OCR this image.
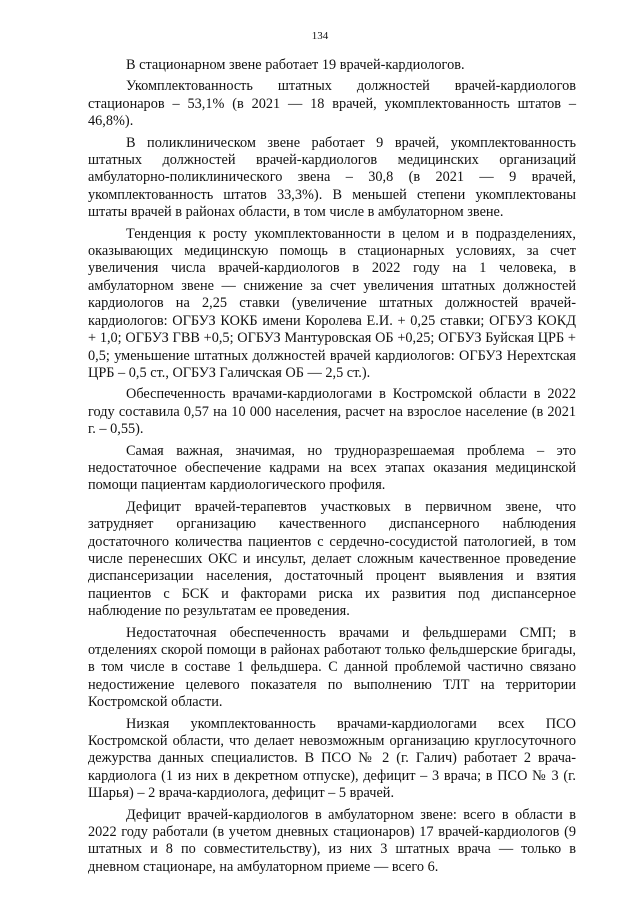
134

В стационарном звене работает 19 врачей-кардиологов.

Укомплектованность штатных должностей врачей-кардиологов стационаров – 53,1% (в 2021 — 18 врачей, укомплектованность штатов – 46,8%).

В поликлиническом звене работает 9 врачей, укомплектованность штатных должностей врачей-кардиологов медицинских организаций амбулаторно-поликлинического звена – 30,8 (в 2021 — 9 врачей, укомплектованность штатов 33,3%). В меньшей степени укомплектованы штаты врачей в районах области, в том числе в амбулаторном звене.

Тенденция к росту укомплектованности в целом и в подразделениях, оказывающих медицинскую помощь в стационарных условиях, за счет увеличения числа врачей-кардиологов в 2022 году на 1 человека, в амбулаторном звене — снижение за счет увеличения штатных должностей кардиологов на 2,25 ставки (увеличение штатных должностей врачей-кардиологов: ОГБУЗ КОКБ имени Королева Е.И. + 0,25 ставки; ОГБУЗ КОКД + 1,0; ОГБУЗ ГВВ +0,5; ОГБУЗ Мантуровская ОБ +0,25; ОГБУЗ Буйская ЦРБ + 0,5; уменьшение штатных должностей врачей кардиологов: ОГБУЗ Нерехтская ЦРБ – 0,5 ст., ОГБУЗ Галичская ОБ — 2,5 ст.).

Обеспеченность врачами-кардиологами в Костромской области в 2022 году составила 0,57 на 10 000 населения, расчет на взрослое население (в 2021 г. – 0,55).

Самая важная, значимая, но трудноразрешаемая проблема – это недостаточное обеспечение кадрами на всех этапах оказания медицинской помощи пациентам кардиологического профиля.

Дефицит врачей-терапевтов участковых в первичном звене, что затрудняет организацию качественного диспансерного наблюдения достаточного количества пациентов с сердечно-сосудистой патологией, в том числе перенесших ОКС и инсульт, делает сложным качественное проведение диспансеризации населения, достаточный процент выявления и взятия пациентов с БСК и факторами риска их развития под диспансерное наблюдение по результатам ее проведения.

Недостаточная обеспеченность врачами и фельдшерами СМП; в отделениях скорой помощи в районах работают только фельдшерские бригады, в том числе в составе 1 фельдшера. С данной проблемой частично связано недостижение целевого показателя по выполнению ТЛТ на территории Костромской области.

Низкая укомплектованность врачами-кардиологами всех ПСО Костромской области, что делает невозможным организацию круглосуточного дежурства данных специалистов. В ПСО № 2 (г. Галич) работает 2 врача-кардиолога (1 из них в декретном отпуске), дефицит – 3 врача; в ПСО № 3 (г. Шарья) – 2 врача-кардиолога, дефицит – 5 врачей.

Дефицит врачей-кардиологов в амбулаторном звене: всего в области в 2022 году работали (в учетом дневных стационаров) 17 врачей-кардиологов (9 штатных и 8 по совместительству), из них 3 штатных врача — только в дневном стационаре, на амбулаторном приеме — всего 6.
